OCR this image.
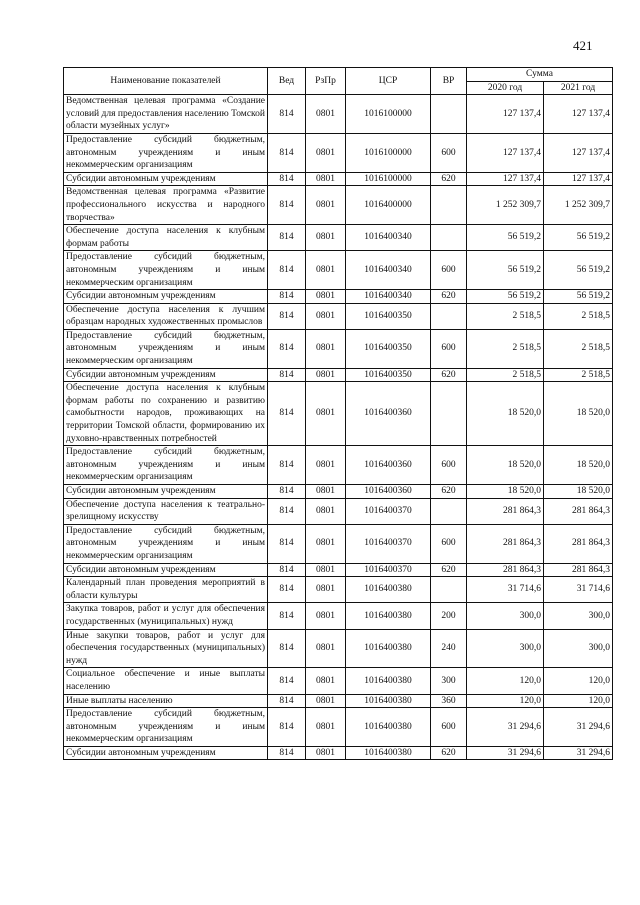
421
Наименование показателей	Вед	РзПр	ЦСР	ВР	Сумма	
					2020 год	2021 год
Ведомственная целевая программа «Создание условий для предоставления населению Томской области музейных услуг»	814	0801	1016100000		127 137,4	127 137,4
Предоставление субсидий бюджетным, автономным учреждениям и иным некоммерческим организациям	814	0801	1016100000	600	127 137,4	127 137,4
Субсидии автономным учреждениям	814	0801	1016100000	620	127 137,4	127 137,4
Ведомственная целевая программа «Развитие профессионального искусства и народного творчества»	814	0801	1016400000		1 252 309,7	1 252 309,7
Обеспечение доступа населения к клубным формам работы	814	0801	1016400340		56 519,2	56 519,2
Предоставление субсидий бюджетным, автономным учреждениям и иным некоммерческим организациям	814	0801	1016400340	600	56 519,2	56 519,2
Субсидии автономным учреждениям	814	0801	1016400340	620	56 519,2	56 519,2
Обеспечение доступа населения к лучшим образцам народных художественных промыслов	814	0801	1016400350		2 518,5	2 518,5
Предоставление субсидий бюджетным, автономным учреждениям и иным некоммерческим организациям	814	0801	1016400350	600	2 518,5	2 518,5
Субсидии автономным учреждениям	814	0801	1016400350	620	2 518,5	2 518,5
Обеспечение доступа населения к клубным формам работы по сохранению и развитию самобытности народов, проживающих на территории Томской области, формированию их духовно-нравственных потребностей	814	0801	1016400360		18 520,0	18 520,0
Предоставление субсидий бюджетным, автономным учреждениям и иным некоммерческим организациям	814	0801	1016400360	600	18 520,0	18 520,0
Субсидии автономным учреждениям	814	0801	1016400360	620	18 520,0	18 520,0
Обеспечение доступа населения к театрально-зрелищному искусству	814	0801	1016400370		281 864,3	281 864,3
Предоставление субсидий бюджетным, автономным учреждениям и иным некоммерческим организациям	814	0801	1016400370	600	281 864,3	281 864,3
Субсидии автономным учреждениям	814	0801	1016400370	620	281 864,3	281 864,3
Календарный план проведения мероприятий в области культуры	814	0801	1016400380		31 714,6	31 714,6
Закупка товаров, работ и услуг для обеспечения государственных (муниципальных) нужд	814	0801	1016400380	200	300,0	300,0
Иные закупки товаров, работ и услуг для обеспечения государственных (муниципальных) нужд	814	0801	1016400380	240	300,0	300,0
Социальное обеспечение и иные выплаты населению	814	0801	1016400380	300	120,0	120,0
Иные выплаты населению	814	0801	1016400380	360	120,0	120,0
Предоставление субсидий бюджетным, автономным учреждениям и иным некоммерческим организациям	814	0801	1016400380	600	31 294,6	31 294,6
Субсидии автономным учреждениям	814	0801	1016400380	620	31 294,6	31 294,6
